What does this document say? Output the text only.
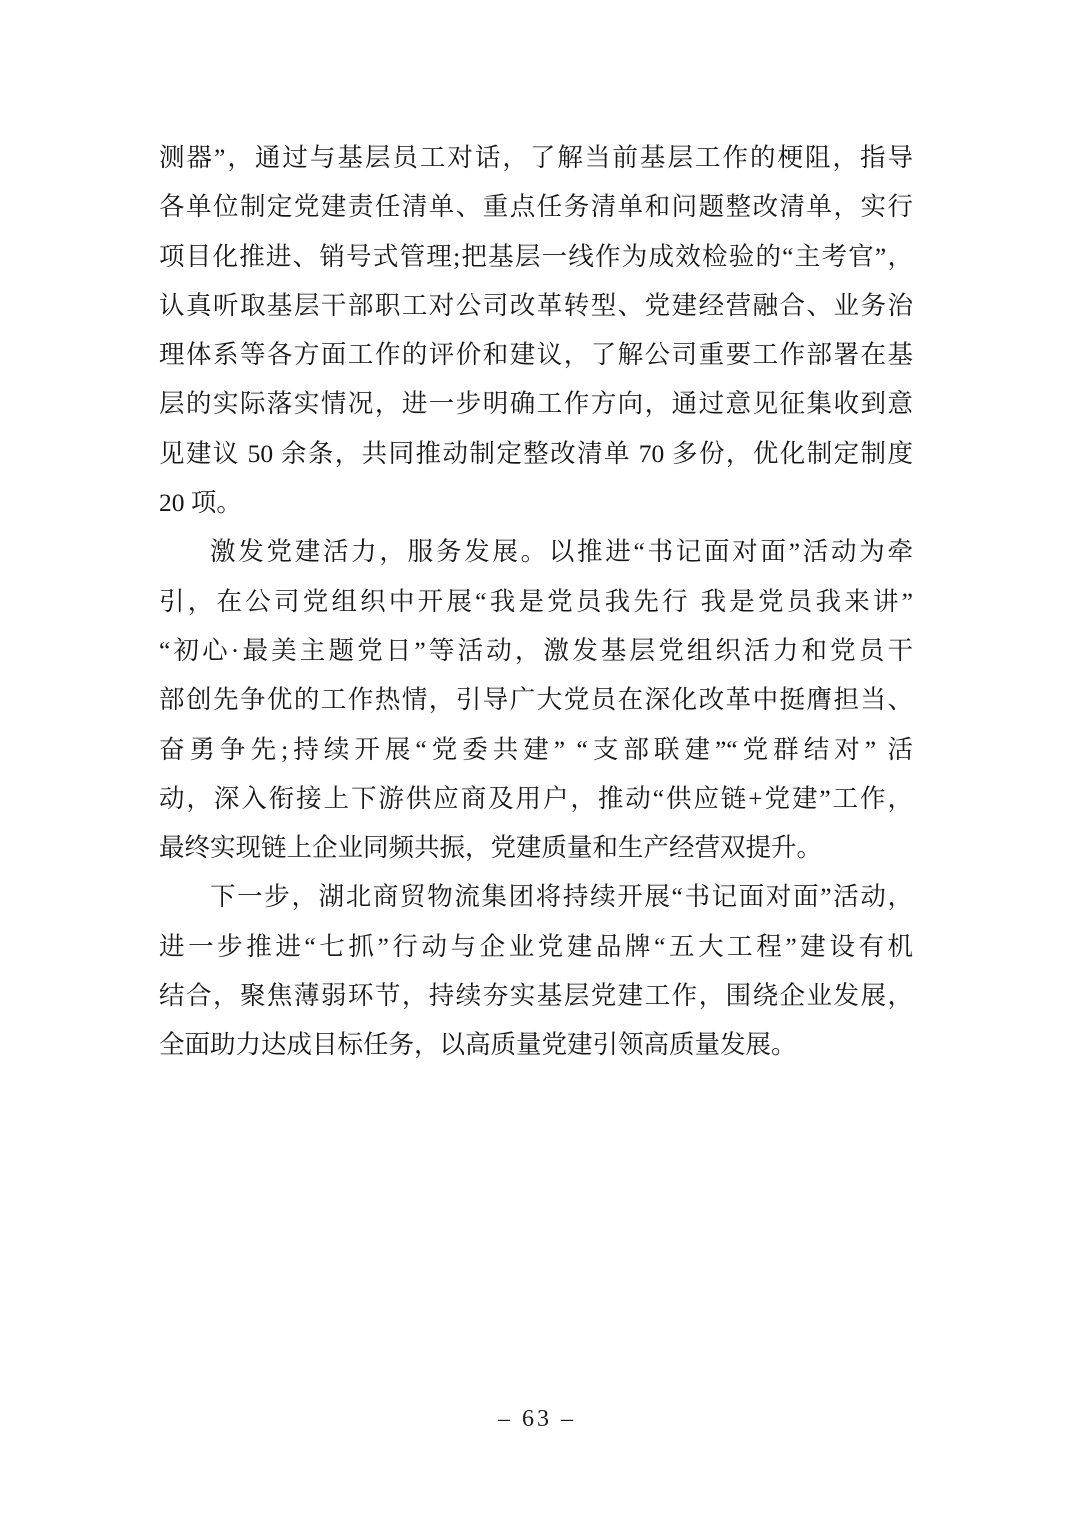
测器”，通过与基层员工对话，了解当前基层工作的梗阻，指导
各单位制定党建责任清单、重点任务清单和问题整改清单，实行
项目化推进、销号式管理;把基层一线作为成效检验的“主考官”，
认真听取基层干部职工对公司改革转型、党建经营融合、业务治
理体系等各方面工作的评价和建议，了解公司重要工作部署在基
层的实际落实情况，进一步明确工作方向，通过意见征集收到意
见建议 50 余条，共同推动制定整改清单 70 多份，优化制定制度
20 项。
激发党建活力，服务发展。以推进“书记面对面”活动为牵
引，在公司党组织中开展“我是党员我先行 我是党员我来讲”
“初心·最美主题党日”等活动，激发基层党组织活力和党员干
部创先争优的工作热情，引导广大党员在深化改革中挺膺担当、
奋勇争先;持续开展“党委共建” “支部联建”“党群结对” 活
动，深入衔接上下游供应商及用户，推动“供应链+党建”工作，
最终实现链上企业同频共振，党建质量和生产经营双提升。
下一步，湖北商贸物流集团将持续开展“书记面对面”活动，
进一步推进“七抓”行动与企业党建品牌“五大工程”建设有机
结合，聚焦薄弱环节，持续夯实基层党建工作，围绕企业发展，
全面助力达成目标任务，以高质量党建引领高质量发展。
– 63 –
